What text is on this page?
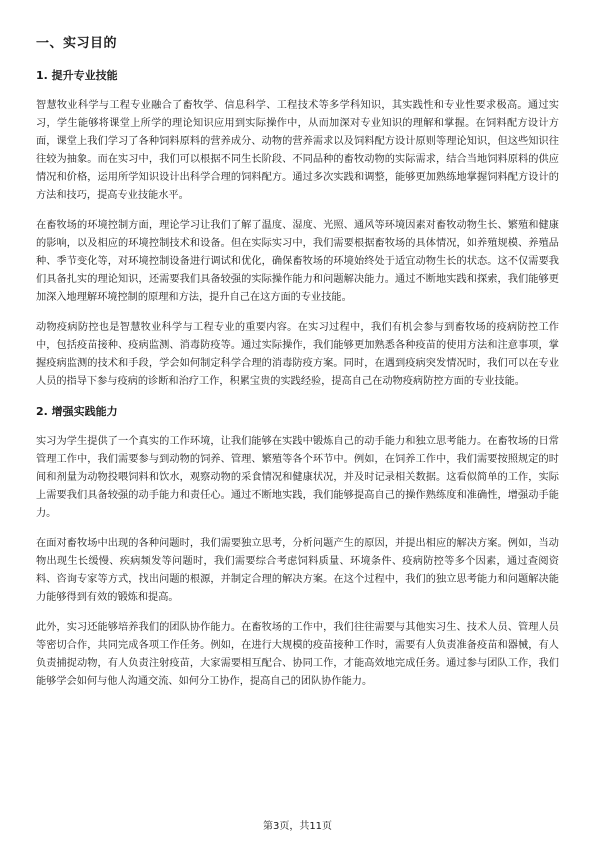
一、实习目的
1. 提升专业技能

智慧牧业科学与工程专业融合了畜牧学、信息科学、工程技术等多学科知识，其实践性和专业性要求极高。通过实习，学生能够将课堂上所学的理论知识应用到实际操作中，从而加深对专业知识的理解和掌握。在饲料配方设计方面，课堂上我们学习了各种饲料原料的营养成分、动物的营养需求以及饲料配方设计原则等理论知识，但这些知识往往较为抽象。而在实习中，我们可以根据不同生长阶段、不同品种的畜牧动物的实际需求，结合当地饲料原料的供应情况和价格，运用所学知识设计出科学合理的饲料配方。通过多次实践和调整，能够更加熟练地掌握饲料配方设计的方法和技巧，提高专业技能水平。

在畜牧场的环境控制方面，理论学习让我们了解了温度、湿度、光照、通风等环境因素对畜牧动物生长、繁殖和健康的影响，以及相应的环境控制技术和设备。但在实际实习中，我们需要根据畜牧场的具体情况，如养殖规模、养殖品种、季节变化等，对环境控制设备进行调试和优化，确保畜牧场的环境始终处于适宜动物生长的状态。这不仅需要我们具备扎实的理论知识，还需要我们具备较强的实际操作能力和问题解决能力。通过不断地实践和探索，我们能够更加深入地理解环境控制的原理和方法，提升自己在这方面的专业技能。

动物疫病防控也是智慧牧业科学与工程专业的重要内容。在实习过程中，我们有机会参与到畜牧场的疫病防控工作中，包括疫苗接种、疫病监测、消毒防疫等。通过实际操作，我们能够更加熟悉各种疫苗的使用方法和注意事项，掌握疫病监测的技术和手段，学会如何制定科学合理的消毒防疫方案。同时，在遇到疫病突发情况时，我们可以在专业人员的指导下参与疫病的诊断和治疗工作，积累宝贵的实践经验，提高自己在动物疫病防控方面的专业技能。

2. 增强实践能力

实习为学生提供了一个真实的工作环境，让我们能够在实践中锻炼自己的动手能力和独立思考能力。在畜牧场的日常管理工作中，我们需要参与到动物的饲养、管理、繁殖等各个环节中。例如，在饲养工作中，我们需要按照规定的时间和剂量为动物投喂饲料和饮水，观察动物的采食情况和健康状况，并及时记录相关数据。这看似简单的工作，实际上需要我们具备较强的动手能力和责任心。通过不断地实践，我们能够提高自己的操作熟练度和准确性，增强动手能力。

在面对畜牧场中出现的各种问题时，我们需要独立思考，分析问题产生的原因，并提出相应的解决方案。例如，当动物出现生长缓慢、疾病频发等问题时，我们需要综合考虑饲料质量、环境条件、疫病防控等多个因素，通过查阅资料、咨询专家等方式，找出问题的根源，并制定合理的解决方案。在这个过程中，我们的独立思考能力和问题解决能力能够得到有效的锻炼和提高。

此外，实习还能够培养我们的团队协作能力。在畜牧场的工作中，我们往往需要与其他实习生、技术人员、管理人员等密切合作，共同完成各项工作任务。例如，在进行大规模的疫苗接种工作时，需要有人负责准备疫苗和器械，有人负责捕捉动物，有人负责注射疫苗，大家需要相互配合、协同工作，才能高效地完成任务。通过参与团队工作，我们能够学会如何与他人沟通交流、如何分工协作，提高自己的团队协作能力。

第3页，共11页
